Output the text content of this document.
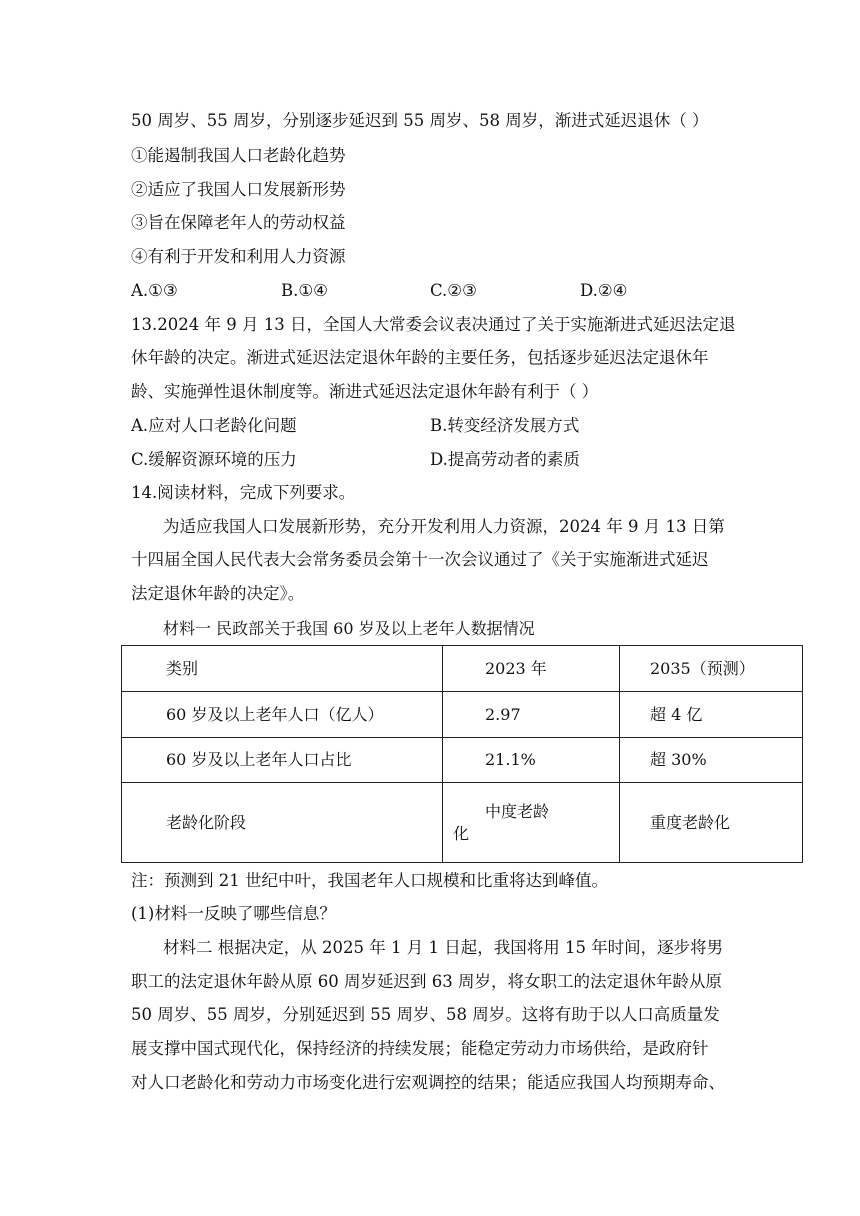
50 周岁、55 周岁，分别逐步延迟到 55 周岁、58 周岁，渐进式延迟退休（ ）
①能遏制我国人口老龄化趋势
②适应了我国人口发展新形势
③旨在保障老年人的劳动权益
④有利于开发和利用人力资源
A.①③	B.①④	C.②③	D.②④
13.2024 年 9 月 13 日，全国人大常委会议表决通过了关于实施渐进式延迟法定退
休年龄的决定。渐进式延迟法定退休年龄的主要任务，包括逐步延迟法定退休年
龄、实施弹性退休制度等。渐进式延迟法定退休年龄有利于（ ）
A.应对人口老龄化问题	B.转变经济发展方式
C.缓解资源环境的压力	D.提高劳动者的素质
14.阅读材料，完成下列要求。
为适应我国人口发展新形势，充分开发利用人力资源，2024 年 9 月 13 日第
十四届全国人民代表大会常务委员会第十一次会议通过了《关于实施渐进式延迟
法定退休年龄的决定》。
材料一 民政部关于我国 60 岁及以上老年人数据情况
类别	2023 年	2035（预测）
60 岁及以上老年人口（亿人）	2.97	超 4 亿
60 岁及以上老年人口占比	21.1%	超 30%
老龄化阶段	中度老龄
化	重度老龄化
注：预测到 21 世纪中叶，我国老年人口规模和比重将达到峰值。
(1)材料一反映了哪些信息？
材料二 根据决定，从 2025 年 1 月 1 日起，我国将用 15 年时间，逐步将男
职工的法定退休年龄从原 60 周岁延迟到 63 周岁，将女职工的法定退休年龄从原
50 周岁、55 周岁，分别延迟到 55 周岁、58 周岁。这将有助于以人口高质量发
展支撑中国式现代化，保持经济的持续发展；能稳定劳动力市场供给，是政府针
对人口老龄化和劳动力市场变化进行宏观调控的结果；能适应我国人均预期寿命、
